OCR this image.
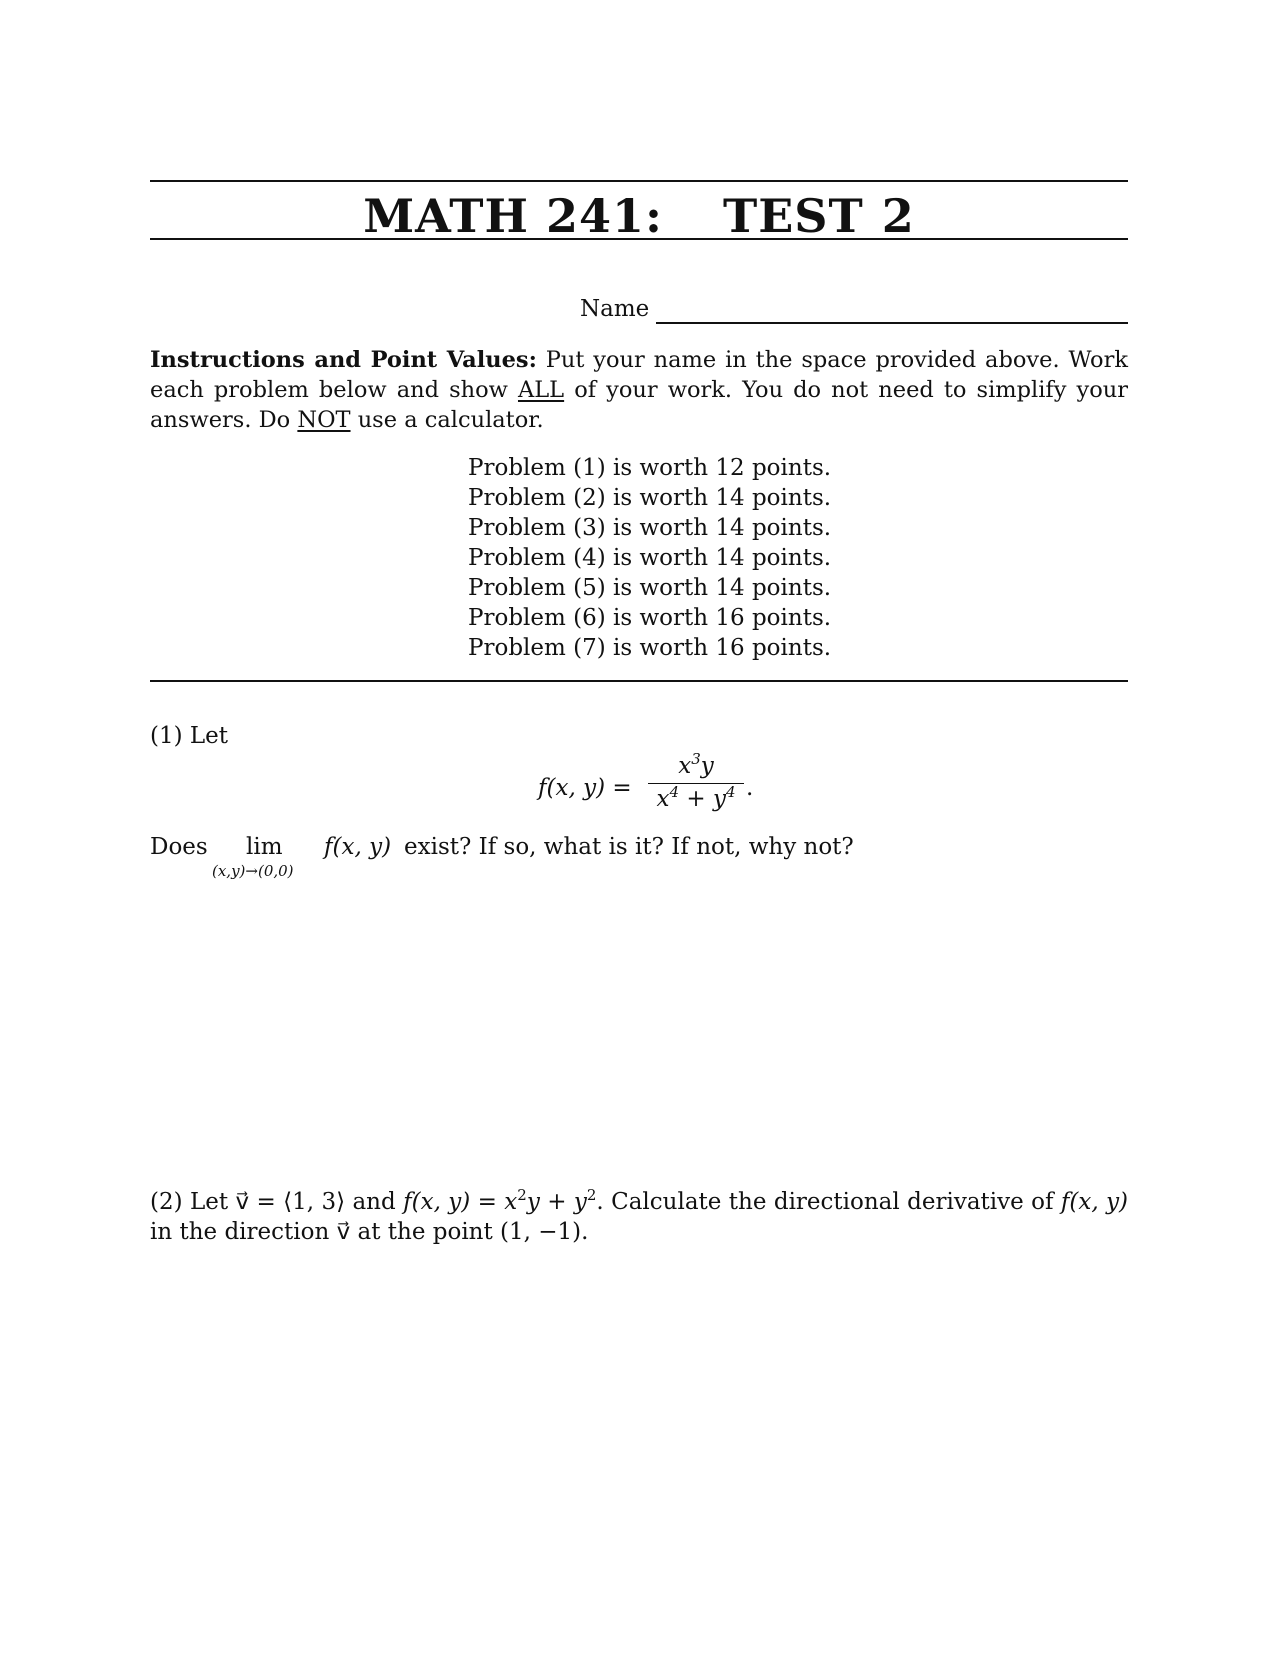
MATH 241: TEST 2
Name
Instructions and Point Values: Put your name in the space provided above. Work each problem below and show ALL of your work. You do not need to simplify your answers. Do NOT use a calculator.
Problem (1) is worth 12 points.
Problem (2) is worth 14 points.
Problem (3) is worth 14 points.
Problem (4) is worth 14 points.
Problem (5) is worth 14 points.
Problem (6) is worth 16 points.
Problem (7) is worth 16 points.
(1) Let
f(x, y) =
$x^3y$
$x^4 + y^4$ .
Does lim
(x,y)→(0,0)
f(x, y) exist? If so, what is it? If not, why not?
(2) Let v⃗ = ⟨1, 3⟩ and f(x, $y) = x^2y + y^2$. Calculate the directional derivative of f(x, y) in the direction v⃗ at the point (1, −1).
